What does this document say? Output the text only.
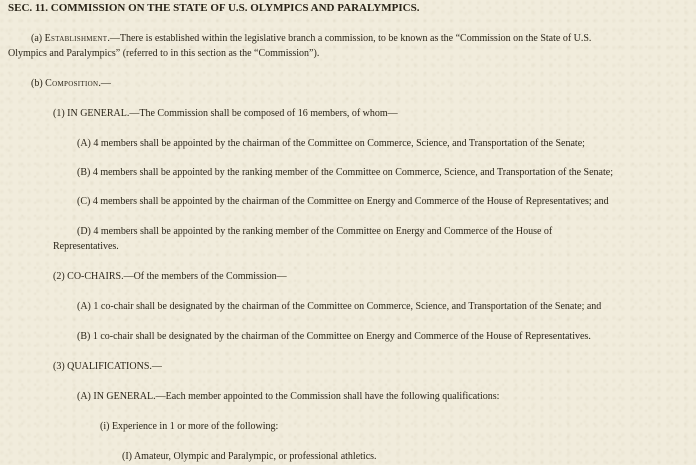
SEC. 11. COMMISSION ON THE STATE OF U.S. OLYMPICS AND PARALYMPICS.
(a) Establishment.—There is established within the legislative branch a commission, to be known as the “Commission on the State of U.S.
Olympics and Paralympics” (referred to in this section as the “Commission”).
(b) Composition.—
(1) IN GENERAL.—The Commission shall be composed of 16 members, of whom—
(A) 4 members shall be appointed by the chairman of the Committee on Commerce, Science, and Transportation of the Senate;
(B) 4 members shall be appointed by the ranking member of the Committee on Commerce, Science, and Transportation of the Senate;
(C) 4 members shall be appointed by the chairman of the Committee on Energy and Commerce of the House of Representatives; and
(D) 4 members shall be appointed by the ranking member of the Committee on Energy and Commerce of the House of
Representatives.
(2) CO-CHAIRS.—Of the members of the Commission—
(A) 1 co-chair shall be designated by the chairman of the Committee on Commerce, Science, and Transportation of the Senate; and
(B) 1 co-chair shall be designated by the chairman of the Committee on Energy and Commerce of the House of Representatives.
(3) QUALIFICATIONS.—
(A) IN GENERAL.—Each member appointed to the Commission shall have the following qualifications:
(i) Experience in 1 or more of the following:
(I) Amateur, Olympic and Paralympic, or professional athletics.
